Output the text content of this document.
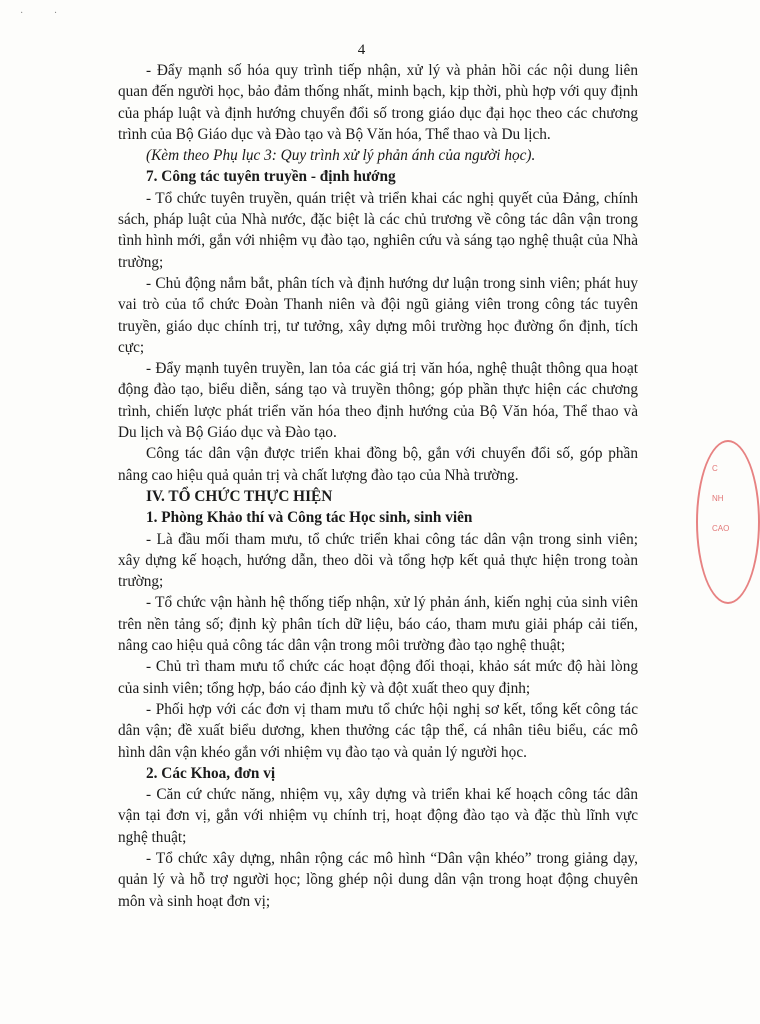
· ·
4

- Đẩy mạnh số hóa quy trình tiếp nhận, xử lý và phản hồi các nội dung liên quan đến người học, bảo đảm thống nhất, minh bạch, kịp thời, phù hợp với quy định của pháp luật và định hướng chuyển đổi số trong giáo dục đại học theo các chương trình của Bộ Giáo dục và Đào tạo và Bộ Văn hóa, Thể thao và Du lịch.

(Kèm theo Phụ lục 3: Quy trình xử lý phản ánh của người học).

7. Công tác tuyên truyền - định hướng

- Tổ chức tuyên truyền, quán triệt và triển khai các nghị quyết của Đảng, chính sách, pháp luật của Nhà nước, đặc biệt là các chủ trương về công tác dân vận trong tình hình mới, gắn với nhiệm vụ đào tạo, nghiên cứu và sáng tạo nghệ thuật của Nhà trường;

- Chủ động nắm bắt, phân tích và định hướng dư luận trong sinh viên; phát huy vai trò của tổ chức Đoàn Thanh niên và đội ngũ giảng viên trong công tác tuyên truyền, giáo dục chính trị, tư tưởng, xây dựng môi trường học đường ổn định, tích cực;

- Đẩy mạnh tuyên truyền, lan tỏa các giá trị văn hóa, nghệ thuật thông qua hoạt động đào tạo, biểu diễn, sáng tạo và truyền thông; góp phần thực hiện các chương trình, chiến lược phát triển văn hóa theo định hướng của Bộ Văn hóa, Thể thao và Du lịch và Bộ Giáo dục và Đào tạo.

Công tác dân vận được triển khai đồng bộ, gắn với chuyển đổi số, góp phần nâng cao hiệu quả quản trị và chất lượng đào tạo của Nhà trường.

IV. TỔ CHỨC THỰC HIỆN

1. Phòng Khảo thí và Công tác Học sinh, sinh viên

- Là đầu mối tham mưu, tổ chức triển khai công tác dân vận trong sinh viên; xây dựng kế hoạch, hướng dẫn, theo dõi và tổng hợp kết quả thực hiện trong toàn trường;

- Tổ chức vận hành hệ thống tiếp nhận, xử lý phản ánh, kiến nghị của sinh viên trên nền tảng số; định kỳ phân tích dữ liệu, báo cáo, tham mưu giải pháp cải tiến, nâng cao hiệu quả công tác dân vận trong môi trường đào tạo nghệ thuật;

- Chủ trì tham mưu tổ chức các hoạt động đối thoại, khảo sát mức độ hài lòng của sinh viên; tổng hợp, báo cáo định kỳ và đột xuất theo quy định;

- Phối hợp với các đơn vị tham mưu tổ chức hội nghị sơ kết, tổng kết công tác dân vận; đề xuất biểu dương, khen thưởng các tập thể, cá nhân tiêu biểu, các mô hình dân vận khéo gắn với nhiệm vụ đào tạo và quản lý người học.

2. Các Khoa, đơn vị

- Căn cứ chức năng, nhiệm vụ, xây dựng và triển khai kế hoạch công tác dân vận tại đơn vị, gắn với nhiệm vụ chính trị, hoạt động đào tạo và đặc thù lĩnh vực nghệ thuật;

- Tổ chức xây dựng, nhân rộng các mô hình “Dân vận khéo” trong giảng dạy, quản lý và hỗ trợ người học; lồng ghép nội dung dân vận trong hoạt động chuyên môn và sinh hoạt đơn vị;

C
NH
CAO
